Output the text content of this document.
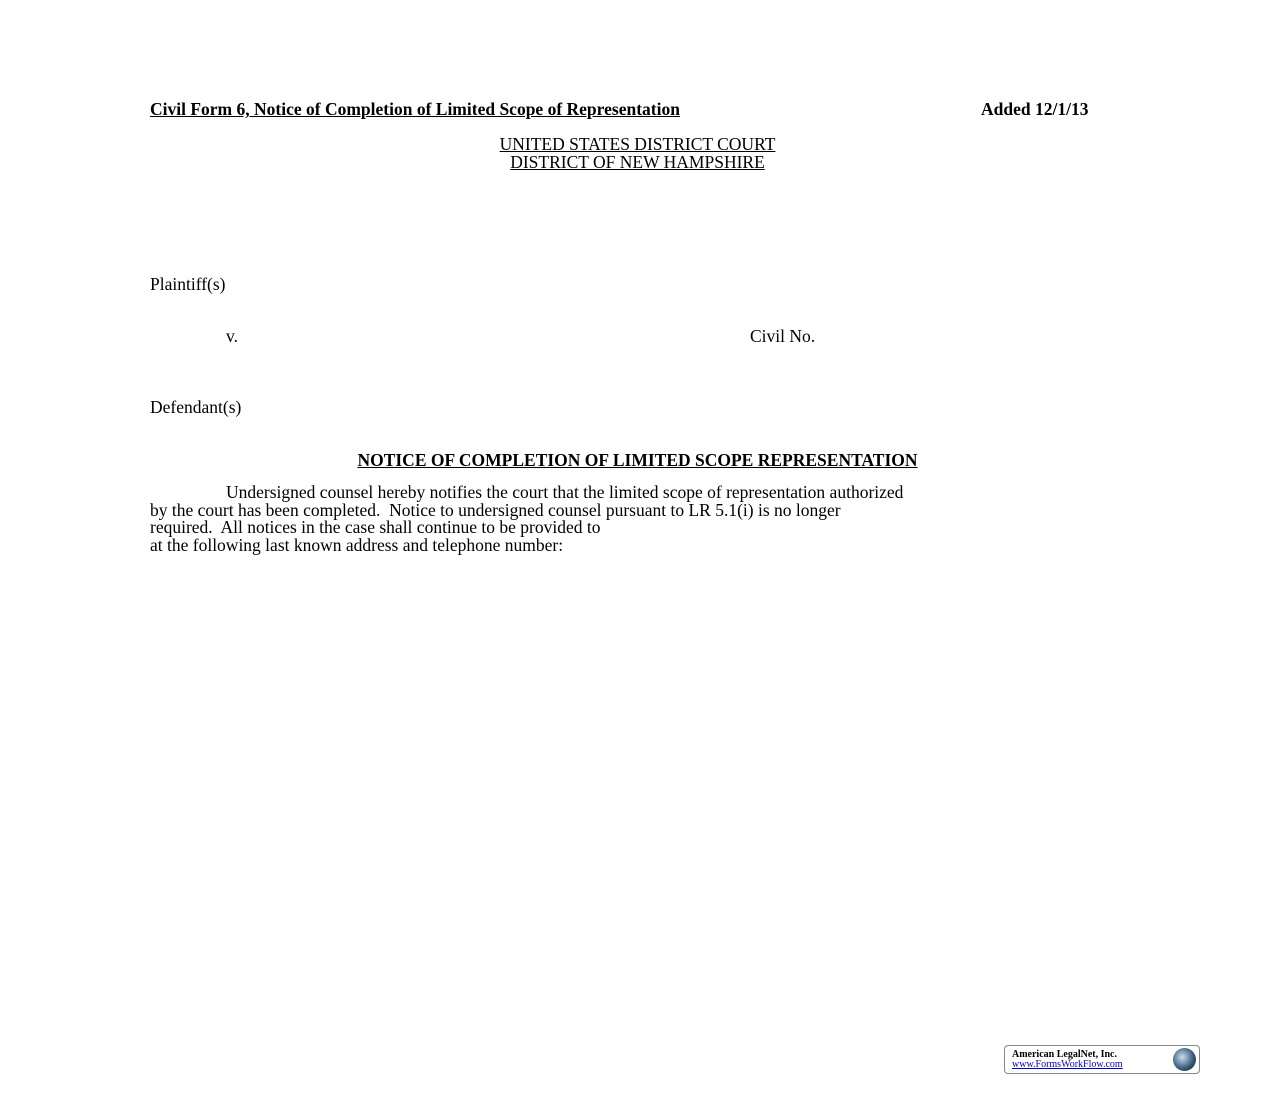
Civil Form 6, Notice of Completion of Limited Scope of Representation	Added 12/1/13
UNITED STATES DISTRICT COURT
DISTRICT OF NEW HAMPSHIRE
Plaintiff(s)
v.	Civil No.
Defendant(s)
NOTICE OF COMPLETION OF LIMITED SCOPE REPRESENTATION
Undersigned counsel hereby notifies the court that the limited scope of representation authorized
by the court has been completed.  Notice to undersigned counsel pursuant to LR 5.1(i) is no longer
required.  All notices in the case shall continue to be provided to
at the following last known address and telephone number:
American LegalNet, Inc.
www.FormsWorkFlow.com
